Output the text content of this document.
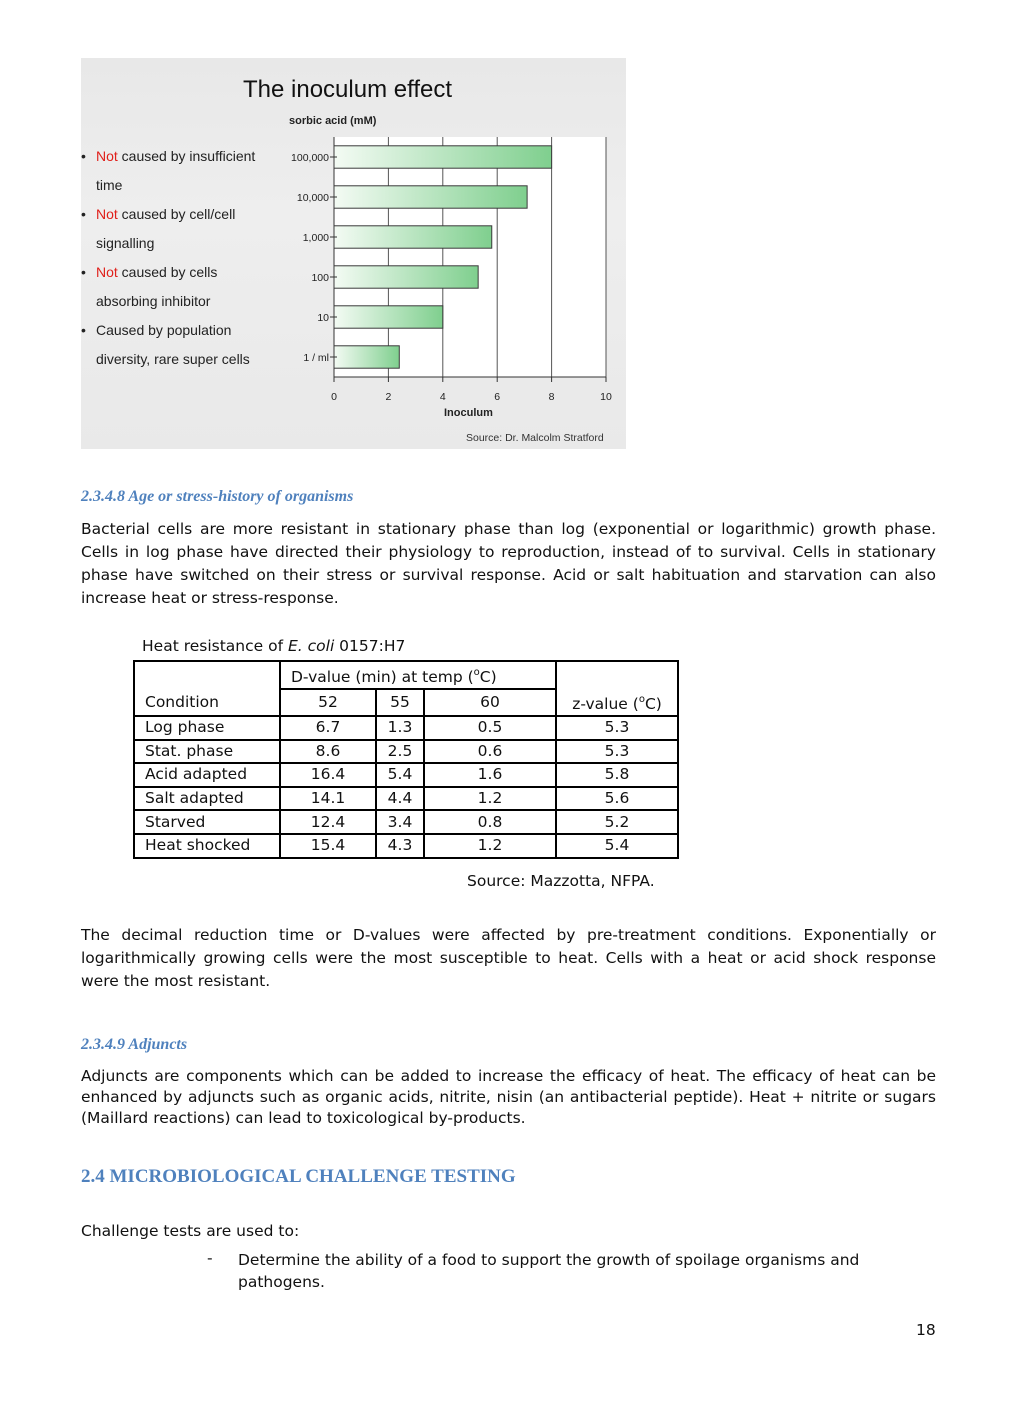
The inoculum effect
sorbic acid (mM)
• Not caused by insufficient
time
• Not caused by cell/cell
signalling
• Not caused by cells
absorbing inhibitor
• Caused by population
diversity, rare super cells
0	2	4	6	8	10
100,000
10,000
1,000
100
10
1 / ml
Inoculum
Source: Dr. Malcolm Stratford
2.3.4.8 Age or stress-history of organisms

Bacterial cells are more resistant in stationary phase than log (exponential or logarithmic) growth phase. Cells in log phase have directed their physiology to reproduction, instead of to survival. Cells in stationary phase have switched on their stress or survival response. Acid or salt habituation and starvation can also increase heat or stress-response.

Heat resistance of E. coli 0157:H7
	D-value (min) at temp ($^o$C)			
Condition	52	55	60	z-value ($^o$C)
Log phase	6.7	1.3	0.5	5.3
Stat. phase	8.6	2.5	0.6	5.3
Acid adapted	16.4	5.4	1.6	5.8
Salt adapted	14.1	4.4	1.2	5.6
Starved	12.4	3.4	0.8	5.2
Heat shocked	15.4	4.3	1.2	5.4
Source: Mazzotta, NFPA.

The decimal reduction time or D-values were affected by pre-treatment conditions. Exponentially or logarithmically growing cells were the most susceptible to heat. Cells with a heat or acid shock response were the most resistant.

2.3.4.9 Adjuncts

Adjuncts are components which can be added to increase the efficacy of heat. The efficacy of heat can be enhanced by adjuncts such as organic acids, nitrite, nisin (an antibacterial peptide). Heat + nitrite or sugars (Maillard reactions) can lead to toxicological by-products.

2.4 MICROBIOLOGICAL CHALLENGE TESTING
Challenge tests are used to:
- Determine the ability of a food to support the growth of spoilage organisms and pathogens.
18
